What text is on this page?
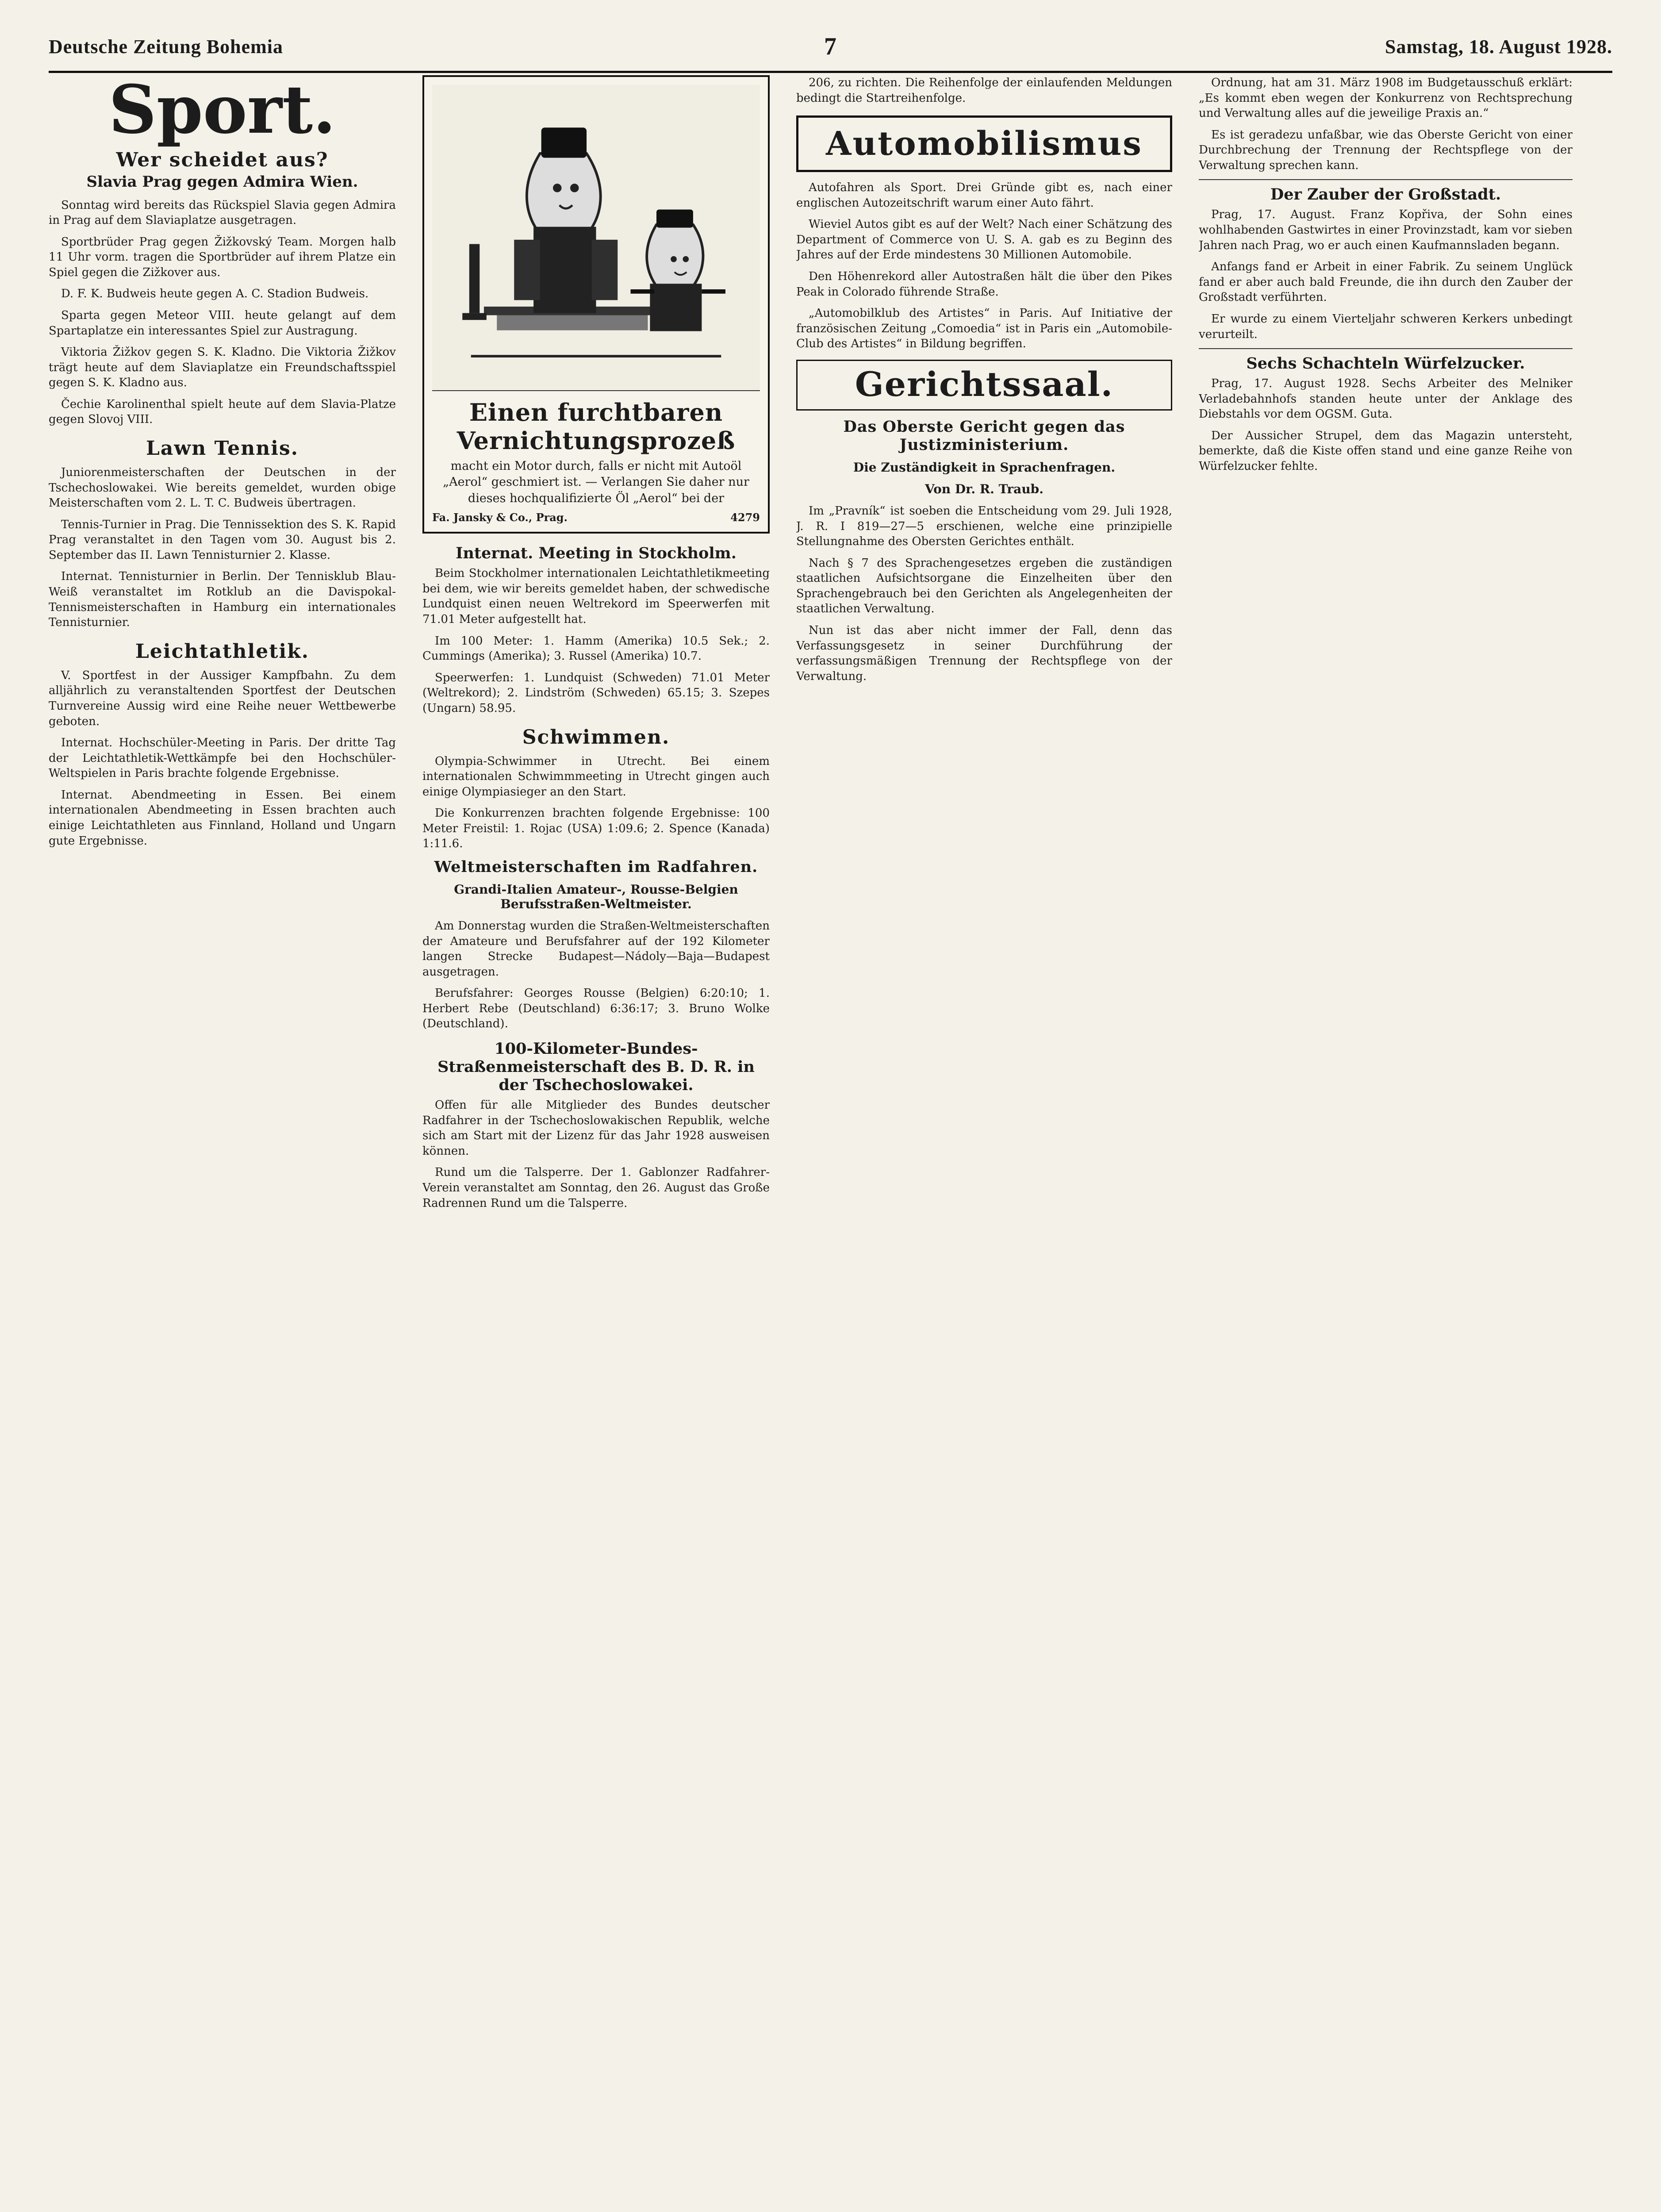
Deutsche Zeitung Bohemia	7	Samstag, 18. August 1928.
Sport.
Wer scheidet aus?
Slavia Prag gegen Admira Wien.

Sonntag wird bereits das Rückspiel Slavia gegen Admira in Prag auf dem Slaviaplatze ausgetragen.

Sportbrüder Prag gegen Žižkovský Team. Morgen halb 11 Uhr vorm. tragen die Sportbrüder auf ihrem Platze ein Spiel gegen die Zižkover aus.

D. F. K. Budweis heute gegen A. C. Stadion Budweis.

Sparta gegen Meteor VIII. heute gelangt auf dem Spartaplatze ein interessantes Spiel zur Austragung.

Viktoria Žižkov gegen S. K. Kladno. Die Viktoria Žižkov trägt heute auf dem Slaviaplatze ein Freundschaftsspiel gegen S. K. Kladno aus.

Čechie Karolinenthal spielt heute auf dem Slavia-Platze gegen Slovoj VIII.

Lawn Tennis.

Juniorenmeisterschaften der Deutschen in der Tschechoslowakei. Wie bereits gemeldet, wurden obige Meisterschaften vom 2. L. T. C. Budweis übertragen.

Tennis-Turnier in Prag. Die Tennissektion des S. K. Rapid Prag veranstaltet in den Tagen vom 30. August bis 2. September das II. Lawn Tennisturnier 2. Klasse.

Internat. Tennisturnier in Berlin. Der Tennisklub Blau-Weiß veranstaltet im Rotklub an die Davispokal-Tennismeisterschaften in Hamburg ein internationales Tennisturnier.

Leichtathletik.

V. Sportfest in der Aussiger Kampfbahn. Zu dem alljährlich zu veranstaltenden Sportfest der Deutschen Turnvereine Aussig wird eine Reihe neuer Wettbewerbe geboten.

Internat. Hochschüler-Meeting in Paris. Der dritte Tag der Leichtathletik-Wettkämpfe bei den Hochschüler-Weltspielen in Paris brachte folgende Ergebnisse.

Internat. Abendmeeting in Essen. Bei einem internationalen Abendmeeting in Essen brachten auch einige Leichtathleten aus Finnland, Holland und Ungarn gute Ergebnisse.

Einen furchtbaren Vernichtungsprozeß

macht ein Motor durch, falls er nicht mit Autoöl „Aerol“ geschmiert ist. — Verlangen Sie daher nur dieses hochqualifizierte Öl „Aerol“ bei der

Fa. Jansky & Co., Prag.	4279
Internat. Meeting in Stockholm.

Beim Stockholmer internationalen Leichtathletikmeeting bei dem, wie wir bereits gemeldet haben, der schwedische Lundquist einen neuen Weltrekord im Speerwerfen mit 71.01 Meter aufgestellt hat.

Im 100 Meter: 1. Hamm (Amerika) 10.5 Sek.; 2. Cummings (Amerika); 3. Russel (Amerika) 10.7.

Speerwerfen: 1. Lundquist (Schweden) 71.01 Meter (Weltrekord); 2. Lindström (Schweden) 65.15; 3. Szepes (Ungarn) 58.95.

Schwimmen.

Olympia-Schwimmer in Utrecht. Bei einem internationalen Schwimmmeeting in Utrecht gingen auch einige Olympiasieger an den Start.

Die Konkurrenzen brachten folgende Ergebnisse: 100 Meter Freistil: 1. Rojac (USA) 1:09.6; 2. Spence (Kanada) 1:11.6.

Weltmeisterschaften im Radfahren.
Grandi-Italien Amateur-, Rousse-Belgien Berufsstraßen-Weltmeister.

Am Donnerstag wurden die Straßen-Weltmeisterschaften der Amateure und Berufsfahrer auf der 192 Kilometer langen Strecke Budapest—Nádoly—Baja—Budapest ausgetragen.

Berufsfahrer: Georges Rousse (Belgien) 6:20:10; 1. Herbert Rebe (Deutschland) 6:36:17; 3. Bruno Wolke (Deutschland).

100-Kilometer-Bundes-Straßenmeisterschaft des B. D. R. in der Tschechoslowakei.

Offen für alle Mitglieder des Bundes deutscher Radfahrer in der Tschechoslowakischen Republik, welche sich am Start mit der Lizenz für das Jahr 1928 ausweisen können.

Rund um die Talsperre. Der 1. Gablonzer Radfahrer-Verein veranstaltet am Sonntag, den 26. August das Große Radrennen Rund um die Talsperre.

206, zu richten. Die Reihenfolge der einlaufenden Meldungen bedingt die Startreihenfolge.

Automobilismus

Autofahren als Sport. Drei Gründe gibt es, nach einer englischen Autozeitschrift warum einer Auto fährt.

Wieviel Autos gibt es auf der Welt? Nach einer Schätzung des Department of Commerce von U. S. A. gab es zu Beginn des Jahres auf der Erde mindestens 30 Millionen Automobile.

Den Höhenrekord aller Autostraßen hält die über den Pikes Peak in Colorado führende Straße.

„Automobilklub des Artistes“ in Paris. Auf Initiative der französischen Zeitung „Comoedia“ ist in Paris ein „Automobile-Club des Artistes“ in Bildung begriffen.

Gerichtssaal.
Das Oberste Gericht gegen das Justizministerium.
Die Zuständigkeit in Sprachenfragen.
Von Dr. R. Traub.

Im „Pravník“ ist soeben die Entscheidung vom 29. Juli 1928, J. R. I 819—27—5 erschienen, welche eine prinzipielle Stellungnahme des Obersten Gerichtes enthält.

Nach § 7 des Sprachengesetzes ergeben die zuständigen staatlichen Aufsichtsorgane die Einzelheiten über den Sprachengebrauch bei den Gerichten als Angelegenheiten der staatlichen Verwaltung.

Nun ist das aber nicht immer der Fall, denn das Verfassungsgesetz in seiner Durchführung der verfassungsmäßigen Trennung der Rechtspflege von der Verwaltung.

Ordnung, hat am 31. März 1908 im Budgetausschuß erklärt: „Es kommt eben wegen der Konkurrenz von Rechtsprechung und Verwaltung alles auf die jeweilige Praxis an.“

Es ist geradezu unfaßbar, wie das Oberste Gericht von einer Durchbrechung der Trennung der Rechtspflege von der Verwaltung sprechen kann.

Der Zauber der Großstadt.

Prag, 17. August. Franz Kopřiva, der Sohn eines wohlhabenden Gastwirtes in einer Provinzstadt, kam vor sieben Jahren nach Prag, wo er auch einen Kaufmannsladen begann.

Anfangs fand er Arbeit in einer Fabrik. Zu seinem Unglück fand er aber auch bald Freunde, die ihn durch den Zauber der Großstadt verführten.

Er wurde zu einem Vierteljahr schweren Kerkers unbedingt verurteilt.

Sechs Schachteln Würfelzucker.

Prag, 17. August 1928. Sechs Arbeiter des Melniker Verladebahnhofs standen heute unter der Anklage des Diebstahls vor dem OGSM. Guta.

Der Aussicher Strupel, dem das Magazin untersteht, bemerkte, daß die Kiste offen stand und eine ganze Reihe von Würfelzucker fehlte.
